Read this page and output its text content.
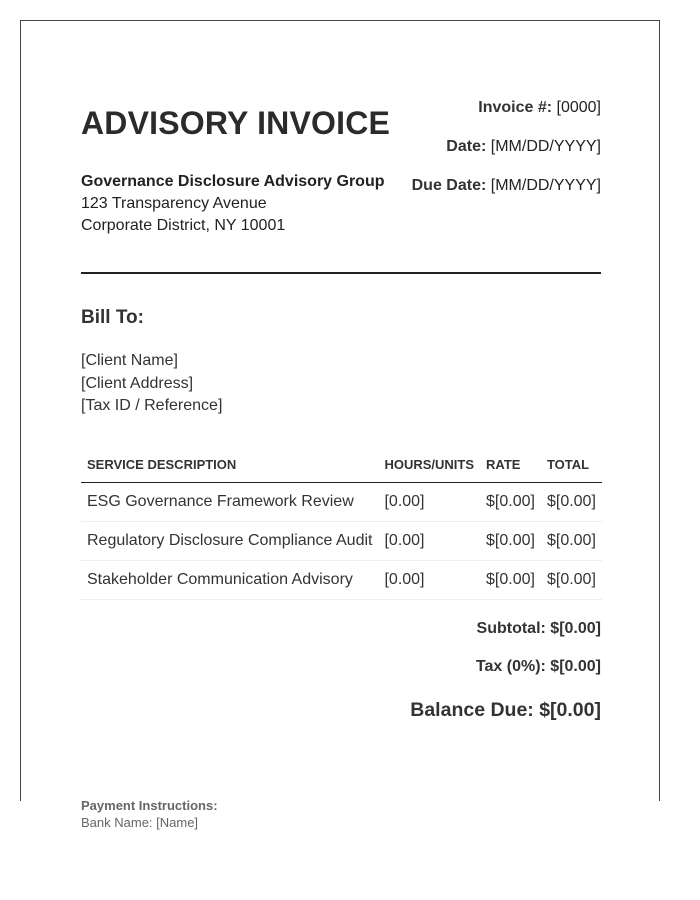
ADVISORY INVOICE
Governance Disclosure Advisory Group
123 Transparency Avenue
Corporate District, NY 10001
Invoice #: [0000]
Date: [MM/DD/YYYY]
Due Date: [MM/DD/YYYY]
Bill To:
[Client Name]
[Client Address]
[Tax ID / Reference]
SERVICE DESCRIPTION	HOURS/UNITS	RATE	TOTAL
ESG Governance Framework Review	[0.00]	$[0.00]	$[0.00]
Regulatory Disclosure Compliance Audit	[0.00]	$[0.00]	$[0.00]
Stakeholder Communication Advisory	[0.00]	$[0.00]	$[0.00]
Subtotal: $[0.00]
Tax (0%): $[0.00]
Balance Due: $[0.00]
Payment Instructions:
Bank Name: [Name]
